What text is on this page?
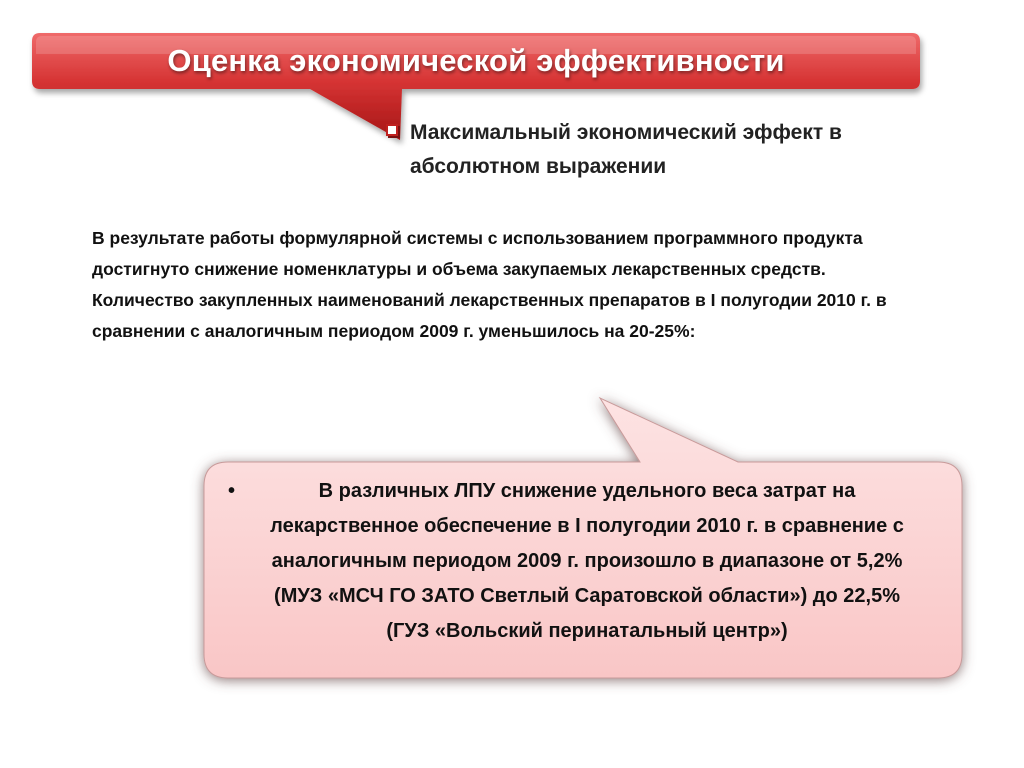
Оценка экономической эффективности
Максимальный экономический эффект в абсолютном выражении
В результате работы формулярной системы с использованием программного продукта достигнуто снижение номенклатуры и объема закупаемых лекарственных средств. Количество закупленных наименований лекарственных препаратов в I полугодии 2010 г. в сравнении с аналогичным периодом 2009 г. уменьшилось на 20-25%:
•	В различных ЛПУ снижение удельного веса затрат на лекарственное обеспечение в I полугодии 2010 г. в сравнение с аналогичным периодом 2009 г. произошло в диапазоне от 5,2% (МУЗ «МСЧ ГО ЗАТО Светлый Саратовской области») до 22,5% (ГУЗ «Вольский перинатальный центр»)
